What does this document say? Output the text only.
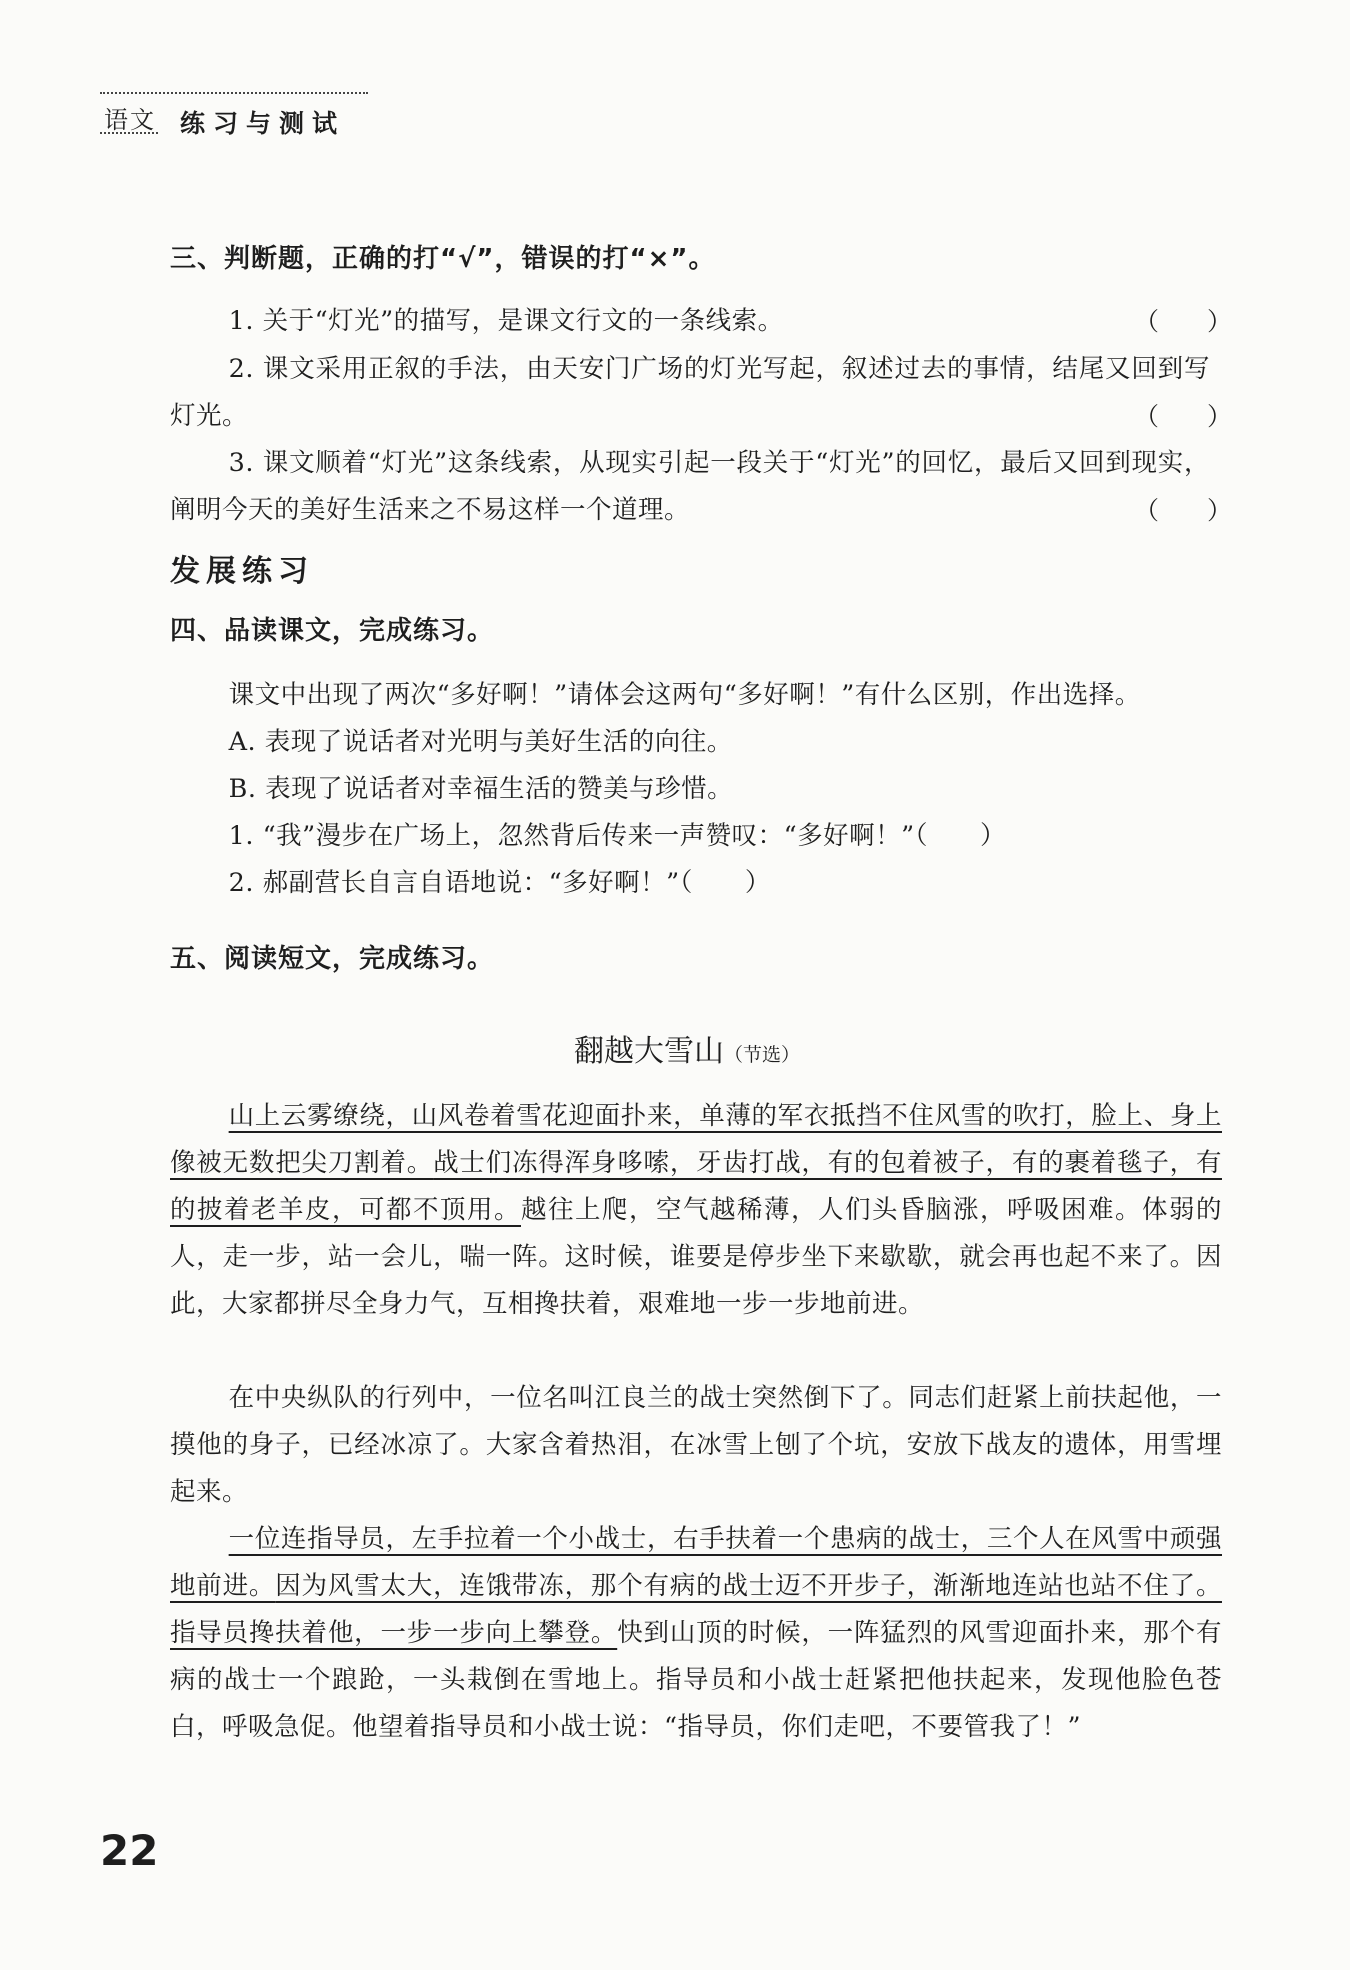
语文 练习与测试
三、判断题，正确的打“√”，错误的打“×”。
1. 关于“灯光”的描写，是课文行文的一条线索。	（）
2. 课文采用正叙的手法，由天安门广场的灯光写起，叙述过去的事情，结尾又回到写灯光。	（）
3. 课文顺着“灯光”这条线索，从现实引起一段关于“灯光”的回忆，最后又回到现实，阐明今天的美好生活来之不易这样一个道理。	（）
发展练习
四、品读课文，完成练习。
课文中出现了两次“多好啊！”请体会这两句“多好啊！”有什么区别，作出选择。
A. 表现了说话者对光明与美好生活的向往。
B. 表现了说话者对幸福生活的赞美与珍惜。
1. “我”漫步在广场上，忽然背后传来一声赞叹：“多好啊！”（　　）
2. 郝副营长自言自语地说：“多好啊！”（　　）
五、阅读短文，完成练习。
翻越大雪山（节选）
山上云雾缭绕，山风卷着雪花迎面扑来，单薄的军衣抵挡不住风雪的吹打，脸上、身上像被无数把尖刀割着。战士们冻得浑身哆嗦，牙齿打战，有的包着被子，有的裹着毯子，有的披着老羊皮，可都不顶用。越往上爬，空气越稀薄，人们头昏脑涨，呼吸困难。体弱的人，走一步，站一会儿，喘一阵。这时候，谁要是停步坐下来歇歇，就会再也起不来了。因此，大家都拼尽全身力气，互相搀扶着，艰难地一步一步地前进。
在中央纵队的行列中，一位名叫江良兰的战士突然倒下了。同志们赶紧上前扶起他，一摸他的身子，已经冰凉了。大家含着热泪，在冰雪上刨了个坑，安放下战友的遗体，用雪埋起来。
一位连指导员，左手拉着一个小战士，右手扶着一个患病的战士，三个人在风雪中顽强地前进。因为风雪太大，连饿带冻，那个有病的战士迈不开步子，渐渐地连站也站不住了。指导员搀扶着他，一步一步向上攀登。快到山顶的时候，一阵猛烈的风雪迎面扑来，那个有病的战士一个踉跄，一头栽倒在雪地上。指导员和小战士赶紧把他扶起来，发现他脸色苍白，呼吸急促。他望着指导员和小战士说：“指导员，你们走吧，不要管我了！”
22
